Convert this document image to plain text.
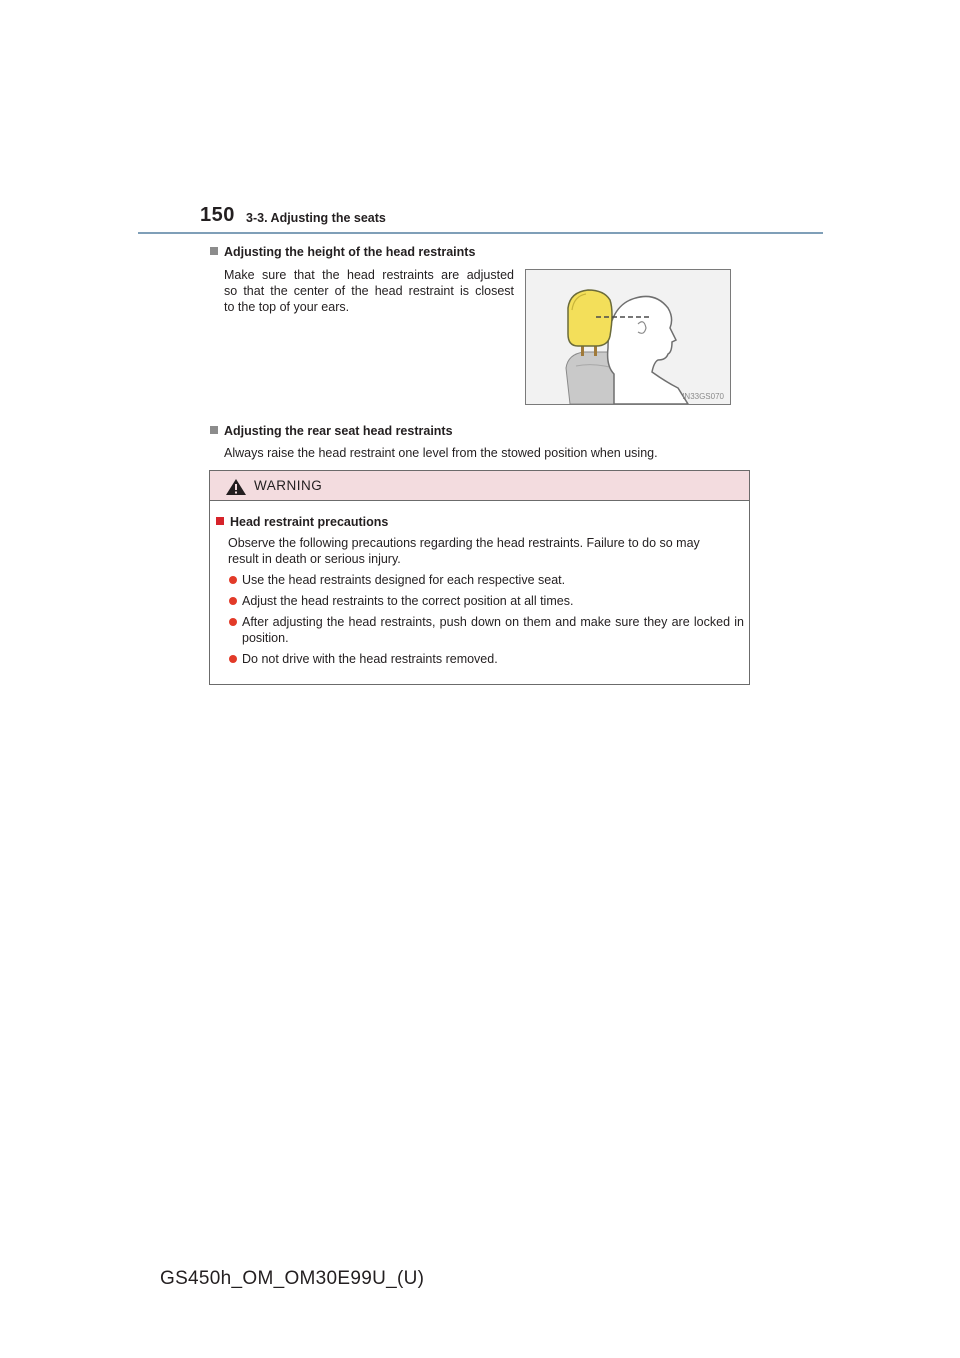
150 3-3. Adjusting the seats
Adjusting the height of the head restraints
Make sure that the head restraints are adjusted
so that the center of the head restraint is closest
to the top of your ears.
IN33GS070
Adjusting the rear seat head restraints
Always raise the head restraint one level from the stowed position when using.
WARNING
Head restraint precautions
Observe the following precautions regarding the head restraints. Failure to do so may
result in death or serious injury.
Use the head restraints designed for each respective seat.
Adjust the head restraints to the correct position at all times.
After adjusting the head restraints, push down on them and make sure they are locked in position.
Do not drive with the head restraints removed.
GS450h_OM_OM30E99U_(U)
